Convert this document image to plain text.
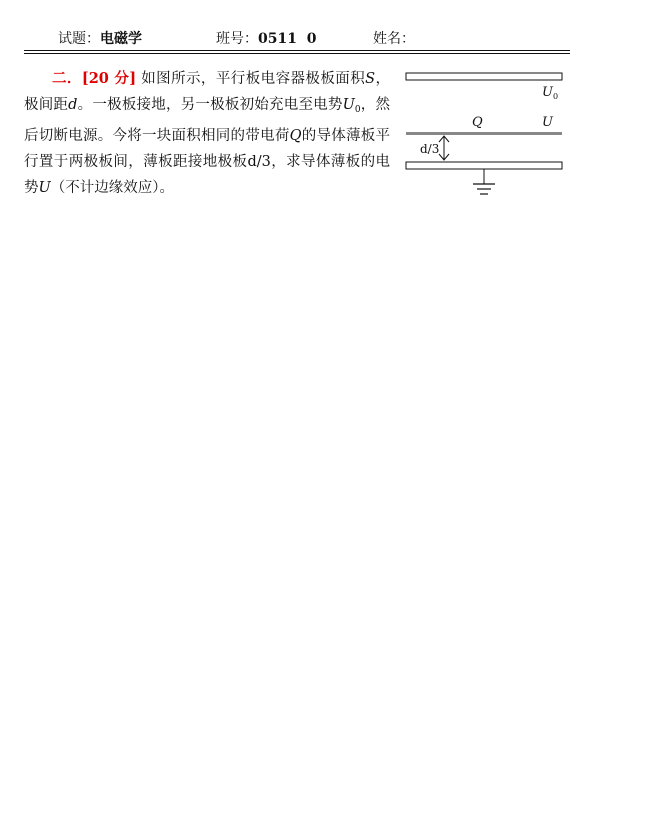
试题：电磁学	班号：0511  0	姓名：
二．[20 分] 如图所示，平行板电容器极板面积S，极间距d。一极板接地，另一极板初始充电至电势$U_0$，然后切断电源。今将一块面积相同的带电荷Q的导体薄板平行置于两极板间，薄板距接地极板d/3，求导体薄板的电势U（不计边缘效应）。
$U_0$
Q	U
d/3
